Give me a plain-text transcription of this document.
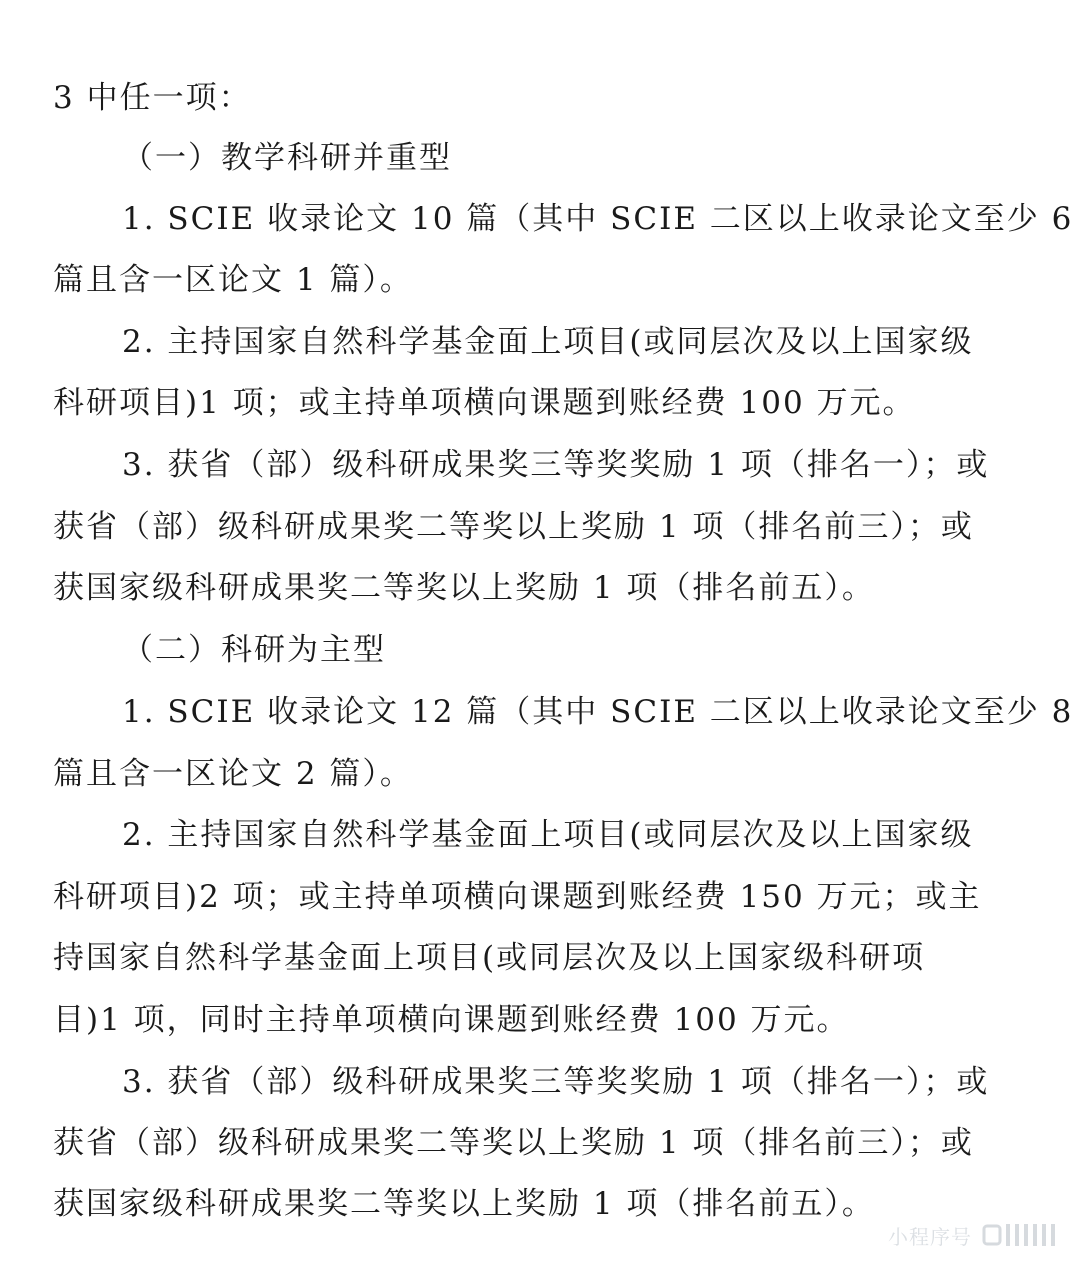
3 中任一项：
（一）教学科研并重型
1. SCIE 收录论文 10 篇（其中 SCIE 二区以上收录论文至少 6
篇且含一区论文 1 篇）。
2. 主持国家自然科学基金面上项目(或同层次及以上国家级
科研项目)1 项；或主持单项横向课题到账经费 100 万元。
3. 获省（部）级科研成果奖三等奖奖励 1 项（排名一）；或
获省（部）级科研成果奖二等奖以上奖励 1 项（排名前三）；或
获国家级科研成果奖二等奖以上奖励 1 项（排名前五）。
（二）科研为主型
1. SCIE 收录论文 12 篇（其中 SCIE 二区以上收录论文至少 8
篇且含一区论文 2 篇）。
2. 主持国家自然科学基金面上项目(或同层次及以上国家级
科研项目)2 项；或主持单项横向课题到账经费 150 万元；或主
持国家自然科学基金面上项目(或同层次及以上国家级科研项
目)1 项，同时主持单项横向课题到账经费 100 万元。
3. 获省（部）级科研成果奖三等奖奖励 1 项（排名一）；或
获省（部）级科研成果奖二等奖以上奖励 1 项（排名前三）；或
获国家级科研成果奖二等奖以上奖励 1 项（排名前五）。
小程序号
